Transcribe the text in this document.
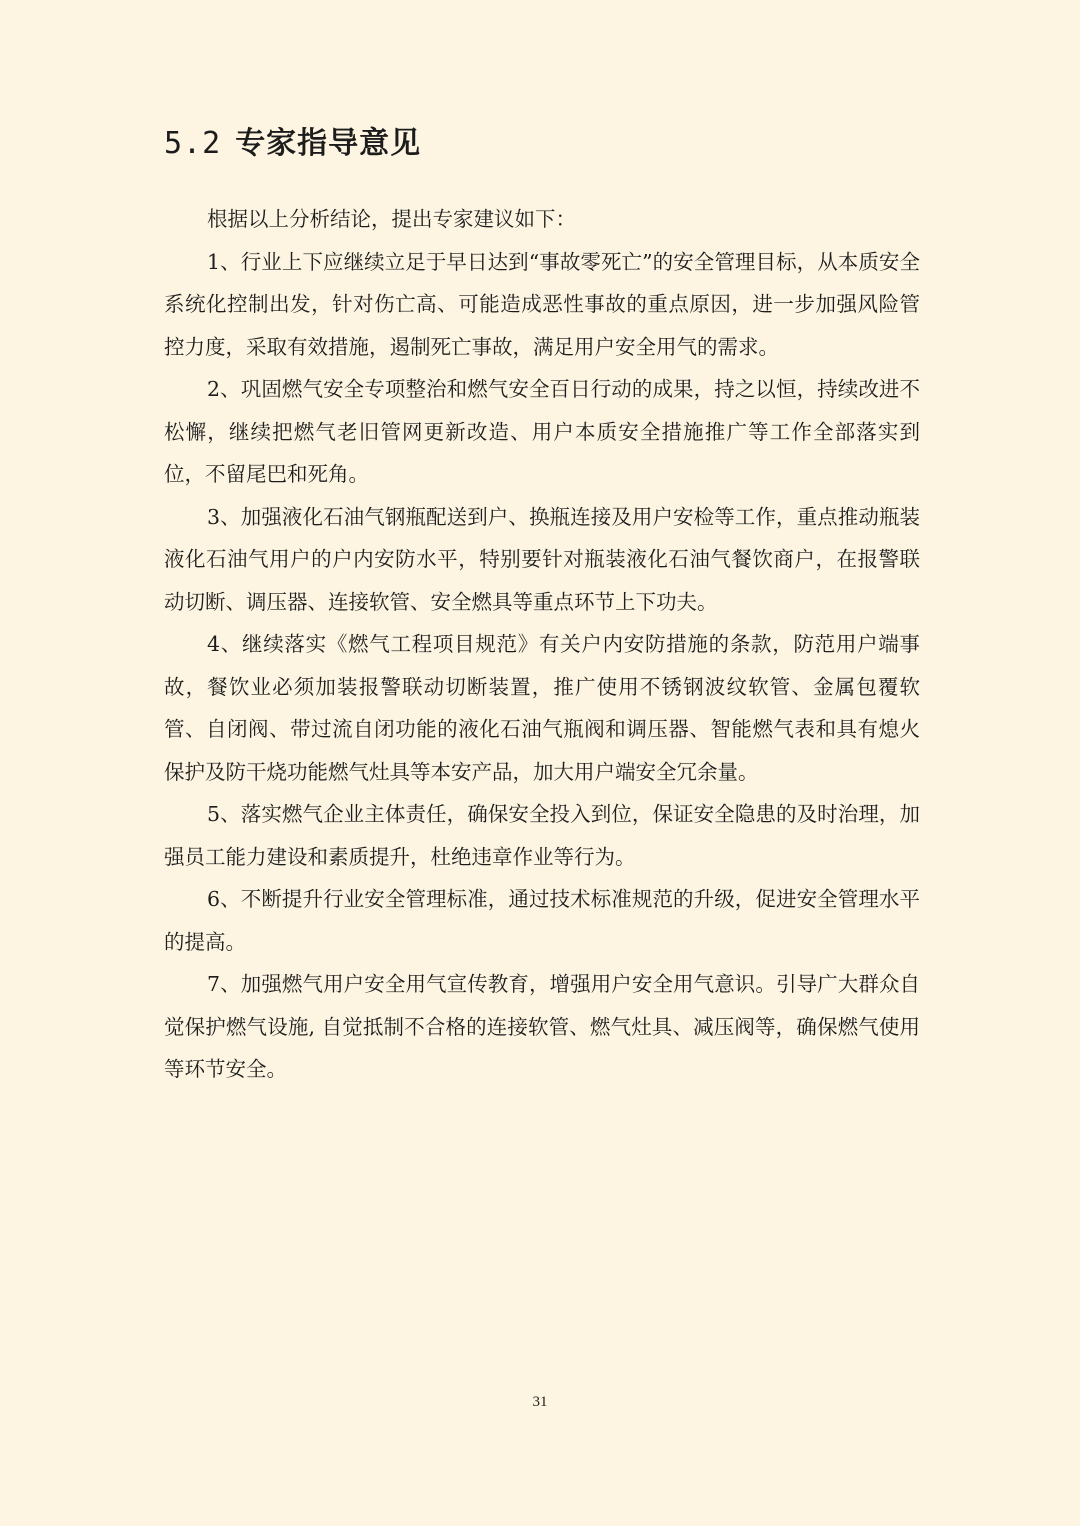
5.2 专家指导意见

根据以上分析结论，提出专家建议如下：

1、行业上下应继续立足于早日达到“事故零死亡”的安全管理目标，从本质安全系统化控制出发，针对伤亡高、可能造成恶性事故的重点原因，进一步加强风险管控力度，采取有效措施，遏制死亡事故，满足用户安全用气的需求。

2、巩固燃气安全专项整治和燃气安全百日行动的成果，持之以恒，持续改进不松懈，继续把燃气老旧管网更新改造、用户本质安全措施推广等工作全部落实到位，不留尾巴和死角。

3、加强液化石油气钢瓶配送到户、换瓶连接及用户安检等工作，重点推动瓶装液化石油气用户的户内安防水平，特别要针对瓶装液化石油气餐饮商户，在报警联动切断、调压器、连接软管、安全燃具等重点环节上下功夫。

4、继续落实《燃气工程项目规范》有关户内安防措施的条款，防范用户端事故，餐饮业必须加装报警联动切断装置，推广使用不锈钢波纹软管、金属包覆软管、自闭阀、带过流自闭功能的液化石油气瓶阀和调压器、智能燃气表和具有熄火保护及防干烧功能燃气灶具等本安产品，加大用户端安全冗余量。

5、落实燃气企业主体责任，确保安全投入到位，保证安全隐患的及时治理，加强员工能力建设和素质提升，杜绝违章作业等行为。

6、不断提升行业安全管理标准，通过技术标准规范的升级，促进安全管理水平的提高。

7、加强燃气用户安全用气宣传教育，增强用户安全用气意识。引导广大群众自觉保护燃气设施, 自觉抵制不合格的连接软管、燃气灶具、减压阀等，确保燃气使用等环节安全。

31
